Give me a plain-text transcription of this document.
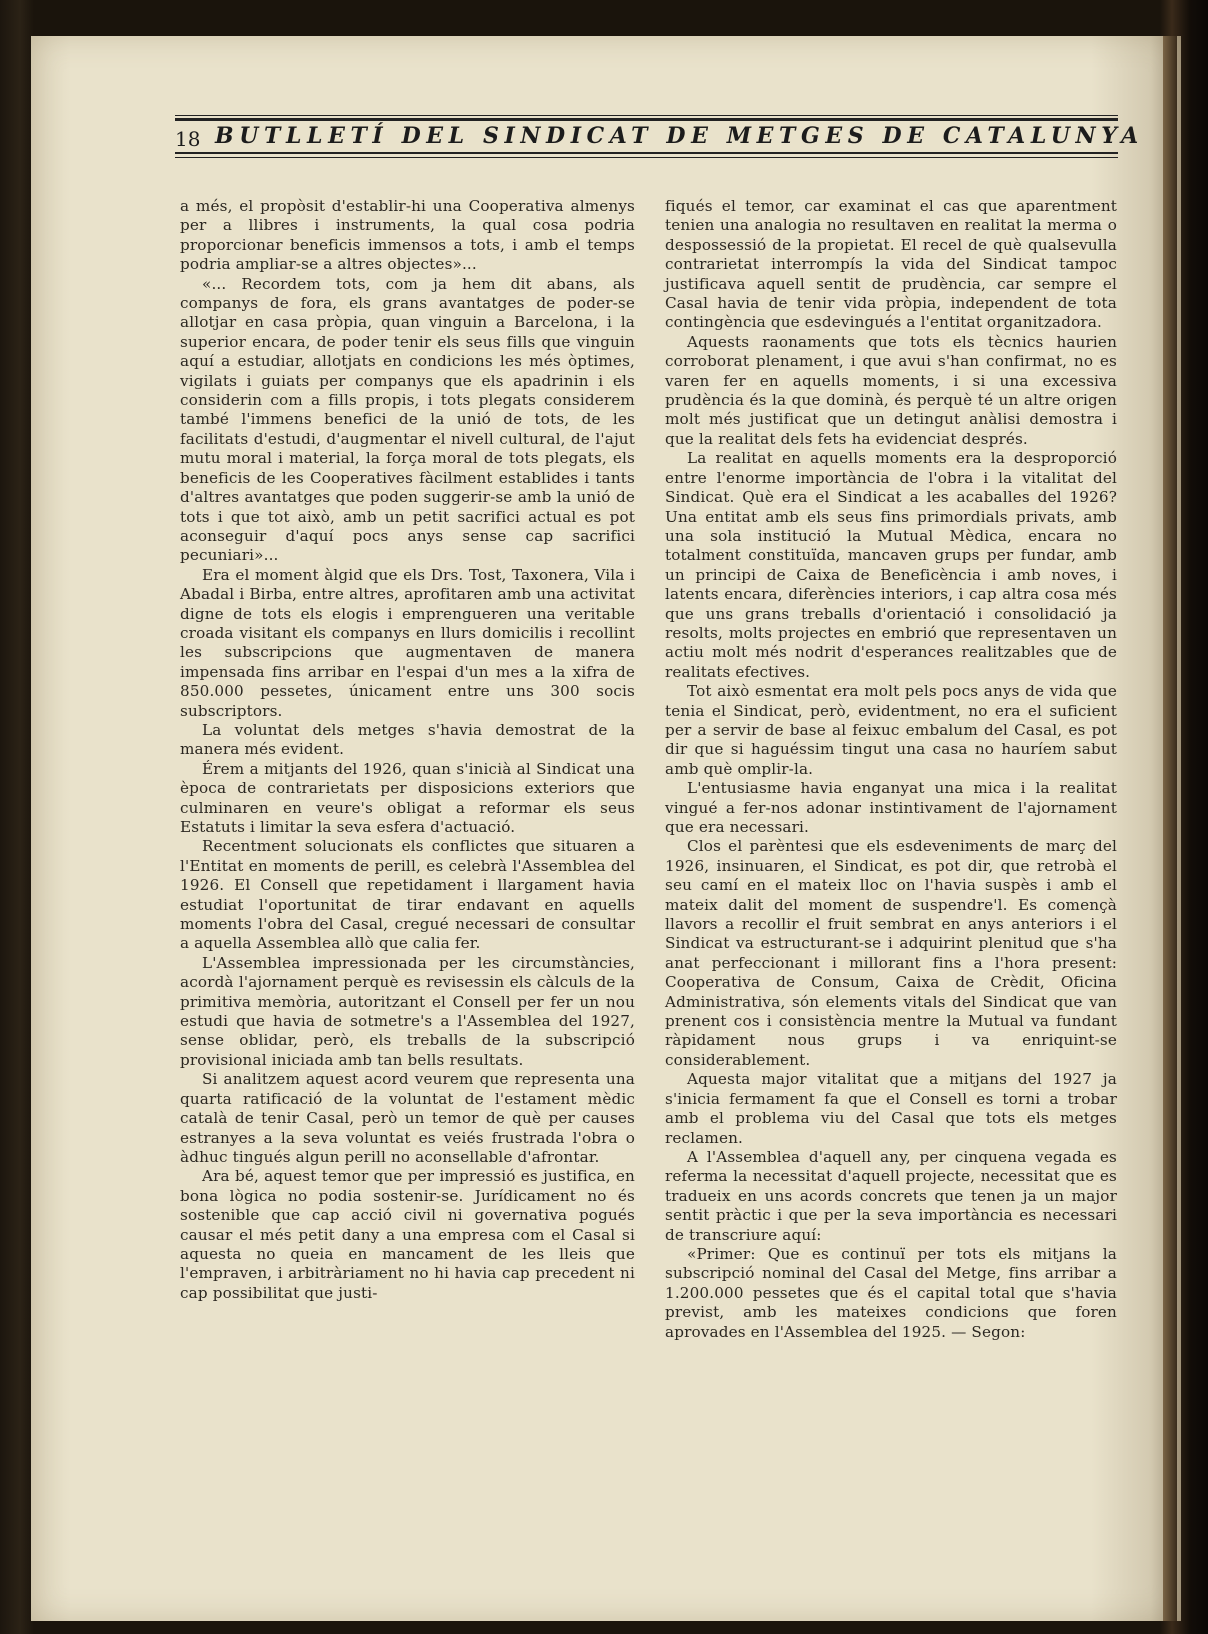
18 BUTLLETÍ DEL SINDICAT DE METGES DE CATALUNYA

a més, el propòsit d'establir-hi una Cooperativa almenys per a llibres i instruments, la qual cosa podria proporcionar beneficis immensos a tots, i amb el temps podria ampliar-se a altres objectes»...

«... Recordem tots, com ja hem dit abans, als companys de fora, els grans avantatges de poder-se allotjar en casa pròpia, quan vinguin a Barcelona, i la superior encara, de poder tenir els seus fills que vinguin aquí a estudiar, allotjats en condicions les més òptimes, vigilats i guiats per companys que els apadrinin i els considerin com a fills propis, i tots plegats considerem també l'immens benefici de la unió de tots, de les facilitats d'estudi, d'augmentar el nivell cultural, de l'ajut mutu moral i material, la força moral de tots plegats, els beneficis de les Cooperatives fàcilment establides i tants d'altres avantatges que poden suggerir-se amb la unió de tots i que tot això, amb un petit sacrifici actual es pot aconseguir d'aquí pocs anys sense cap sacrifici pecuniari»...

Era el moment àlgid que els Drs. Tost, Taxonera, Vila i Abadal i Birba, entre altres, aprofitaren amb una activitat digne de tots els elogis i emprengueren una veritable croada visitant els companys en llurs domicilis i recollint les subscripcions que augmentaven de manera impensada fins arribar en l'espai d'un mes a la xifra de 850.000 pessetes, únicament entre uns 300 socis subscriptors.

La voluntat dels metges s'havia demostrat de la manera més evident.

Érem a mitjants del 1926, quan s'inicià al Sindicat una època de contrarietats per disposicions exteriors que culminaren en veure's obligat a reformar els seus Estatuts i limitar la seva esfera d'actuació.

Recentment solucionats els conflictes que situaren a l'Entitat en moments de perill, es celebrà l'Assemblea del 1926. El Consell que repetidament i llargament havia estudiat l'oportunitat de tirar endavant en aquells moments l'obra del Casal, cregué necessari de consultar a aquella Assemblea allò que calia fer.

L'Assemblea impressionada per les circumstàncies, acordà l'ajornament perquè es revisessin els càlculs de la primitiva memòria, autoritzant el Consell per fer un nou estudi que havia de sotmetre's a l'Assemblea del 1927, sense oblidar, però, els treballs de la subscripció provisional iniciada amb tan bells resultats.

Si analitzem aquest acord veurem que representa una quarta ratificació de la voluntat de l'estament mèdic català de tenir Casal, però un temor de què per causes estranyes a la seva voluntat es veiés frustrada l'obra o àdhuc tingués algun perill no aconsellable d'afrontar.

Ara bé, aquest temor que per impressió es justifica, en bona lògica no podia sostenir-se. Jurídicament no és sostenible que cap acció civil ni governativa pogués causar el més petit dany a una empresa com el Casal si aquesta no queia en mancament de les lleis que l'empraven, i arbitràriament no hi havia cap precedent ni cap possibilitat que justi-

fiqués el temor, car examinat el cas que aparentment tenien una analogia no resultaven en realitat la merma o despossessió de la propietat. El recel de què qualsevulla contrarietat interrompís la vida del Sindicat tampoc justificava aquell sentit de prudència, car sempre el Casal havia de tenir vida pròpia, independent de tota contingència que esdevingués a l'entitat organitzadora.

Aquests raonaments que tots els tècnics haurien corroborat plenament, i que avui s'han confirmat, no es varen fer en aquells moments, i si una excessiva prudència és la que dominà, és perquè té un altre origen molt més justificat que un detingut anàlisi demostra i que la realitat dels fets ha evidenciat després.

La realitat en aquells moments era la desproporció entre l'enorme importància de l'obra i la vitalitat del Sindicat. Què era el Sindicat a les acaballes del 1926? Una entitat amb els seus fins primordials privats, amb una sola institució la Mutual Mèdica, encara no totalment constituïda, mancaven grups per fundar, amb un principi de Caixa de Beneficència i amb noves, i latents encara, diferències interiors, i cap altra cosa més que uns grans treballs d'orientació i consolidació ja resolts, molts projectes en embrió que representaven un actiu molt més nodrit d'esperances realitzables que de realitats efectives.

Tot això esmentat era molt pels pocs anys de vida que tenia el Sindicat, però, evidentment, no era el suficient per a servir de base al feixuc embalum del Casal, es pot dir que si haguéssim tingut una casa no hauríem sabut amb què omplir-la.

L'entusiasme havia enganyat una mica i la realitat vingué a fer-nos adonar instintivament de l'ajornament que era necessari.

Clos el parèntesi que els esdeveniments de març del 1926, insinuaren, el Sindicat, es pot dir, que retrobà el seu camí en el mateix lloc on l'havia suspès i amb el mateix dalit del moment de suspendre'l. Es començà llavors a recollir el fruit sembrat en anys anteriors i el Sindicat va estructurant-se i adquirint plenitud que s'ha anat perfeccionant i millorant fins a l'hora present: Cooperativa de Consum, Caixa de Crèdit, Oficina Administrativa, són elements vitals del Sindicat que van prenent cos i consistència mentre la Mutual va fundant ràpidament nous grups i va enriquint-se considerablement.

Aquesta major vitalitat que a mitjans del 1927 ja s'inicia fermament fa que el Consell es torni a trobar amb el problema viu del Casal que tots els metges reclamen.

A l'Assemblea d'aquell any, per cinquena vegada es referma la necessitat d'aquell projecte, necessitat que es tradueix en uns acords concrets que tenen ja un major sentit pràctic i que per la seva importància es necessari de transcriure aquí:

«Primer: Que es continuï per tots els mitjans la subscripció nominal del Casal del Metge, fins arribar a 1.200.000 pessetes que és el capital total que s'havia previst, amb les mateixes condicions que foren aprovades en l'Assemblea del 1925. — Segon:
